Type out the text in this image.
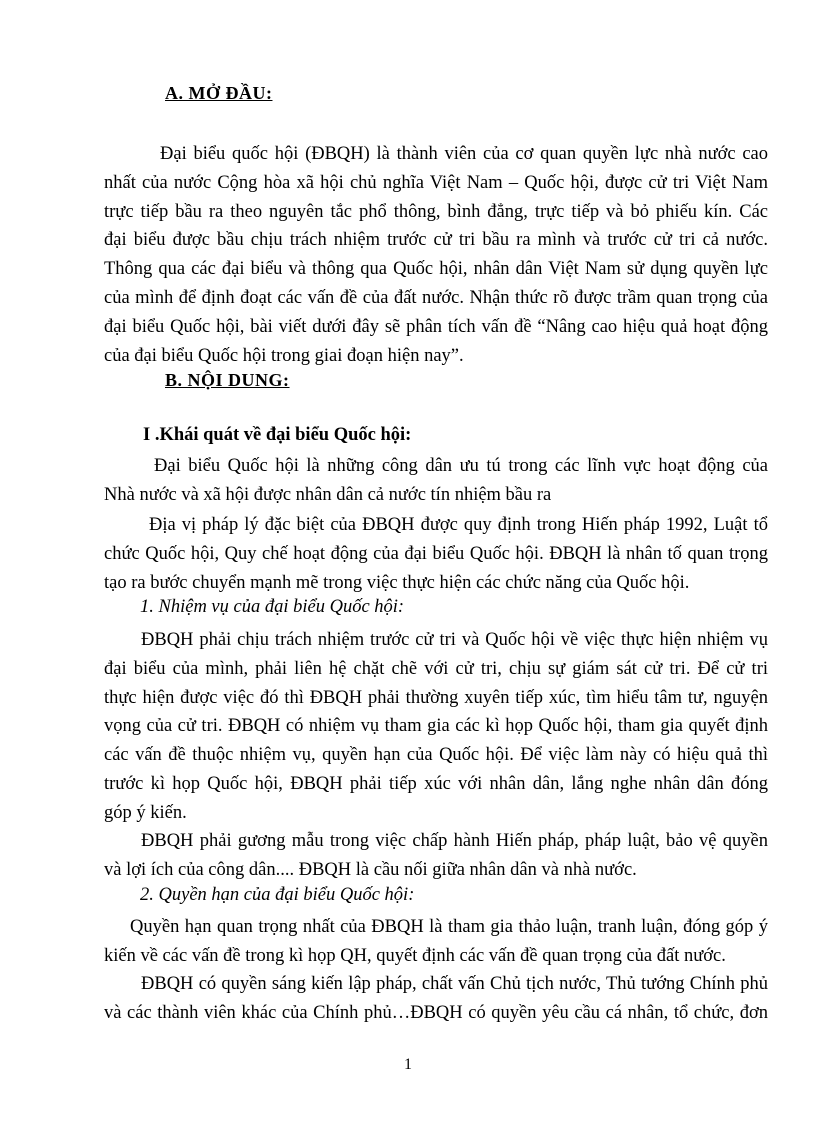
A. MỞ ĐẦU:
Đại biểu quốc hội (ĐBQH) là thành viên của cơ quan quyền lực nhà nước cao
nhất của nước Cộng hòa xã hội chủ nghĩa Việt Nam – Quốc hội, được cử tri Việt Nam
trực tiếp bầu ra theo nguyên tắc phổ thông, bình đẳng, trực tiếp và bỏ phiếu kín. Các
đại biểu được bầu chịu trách nhiệm trước cử tri bầu ra mình và trước cử tri cả nước.
Thông qua các đại biểu và thông qua Quốc hội, nhân dân Việt Nam sử dụng quyền lực
của mình để định đoạt các vấn đề của đất nước. Nhận thức rõ được trầm quan trọng của
đại biểu Quốc hội, bài viết dưới đây sẽ phân tích vấn đề “Nâng cao hiệu quả hoạt động
của đại biểu Quốc hội trong giai đoạn hiện nay”.
B. NỘI DUNG:
I .Khái quát về đại biểu Quốc hội:
Đại biểu Quốc hội là những công dân ưu tú trong các lĩnh vực hoạt động của
Nhà nước và xã hội được nhân dân cả nước tín nhiệm bầu ra
Địa vị pháp lý đặc biệt của ĐBQH được quy định trong Hiến pháp 1992, Luật tổ
chức Quốc hội, Quy chế hoạt động của đại biểu Quốc hội. ĐBQH là nhân tố quan trọng
tạo ra bước chuyển mạnh mẽ trong việc thực hiện các chức năng của Quốc hội.
1. Nhiệm vụ của đại biểu Quốc hội:
ĐBQH phải chịu trách nhiệm trước cử tri và Quốc hội về việc thực hiện nhiệm vụ
đại biểu của mình, phải liên hệ chặt chẽ với cử tri, chịu sự giám sát cử tri. Để cử tri
thực hiện được việc đó thì ĐBQH phải thường xuyên tiếp xúc, tìm hiểu tâm tư, nguyện
vọng của cử tri. ĐBQH có nhiệm vụ tham gia các kì họp Quốc hội, tham gia quyết định
các vấn đề thuộc nhiệm vụ, quyền hạn của Quốc hội. Để việc làm này có hiệu quả thì
trước kì họp Quốc hội, ĐBQH phải tiếp xúc với nhân dân, lắng nghe nhân dân đóng
góp ý kiến.
ĐBQH phải gương mẫu trong việc chấp hành Hiến pháp, pháp luật, bảo vệ quyền
và lợi ích của công dân.... ĐBQH là cầu nối giữa nhân dân và nhà nước.
2. Quyền hạn của đại biểu Quốc hội:
Quyền hạn quan trọng nhất của ĐBQH là tham gia thảo luận, tranh luận, đóng góp ý
kiến về các vấn đề trong kì họp QH, quyết định các vấn đề quan trọng của đất nước.
ĐBQH có quyền sáng kiến lập pháp, chất vấn Chủ tịch nước, Thủ tướng Chính phủ
và các thành viên khác của Chính phủ…ĐBQH có quyền yêu cầu cá nhân, tổ chức, đơn
1
